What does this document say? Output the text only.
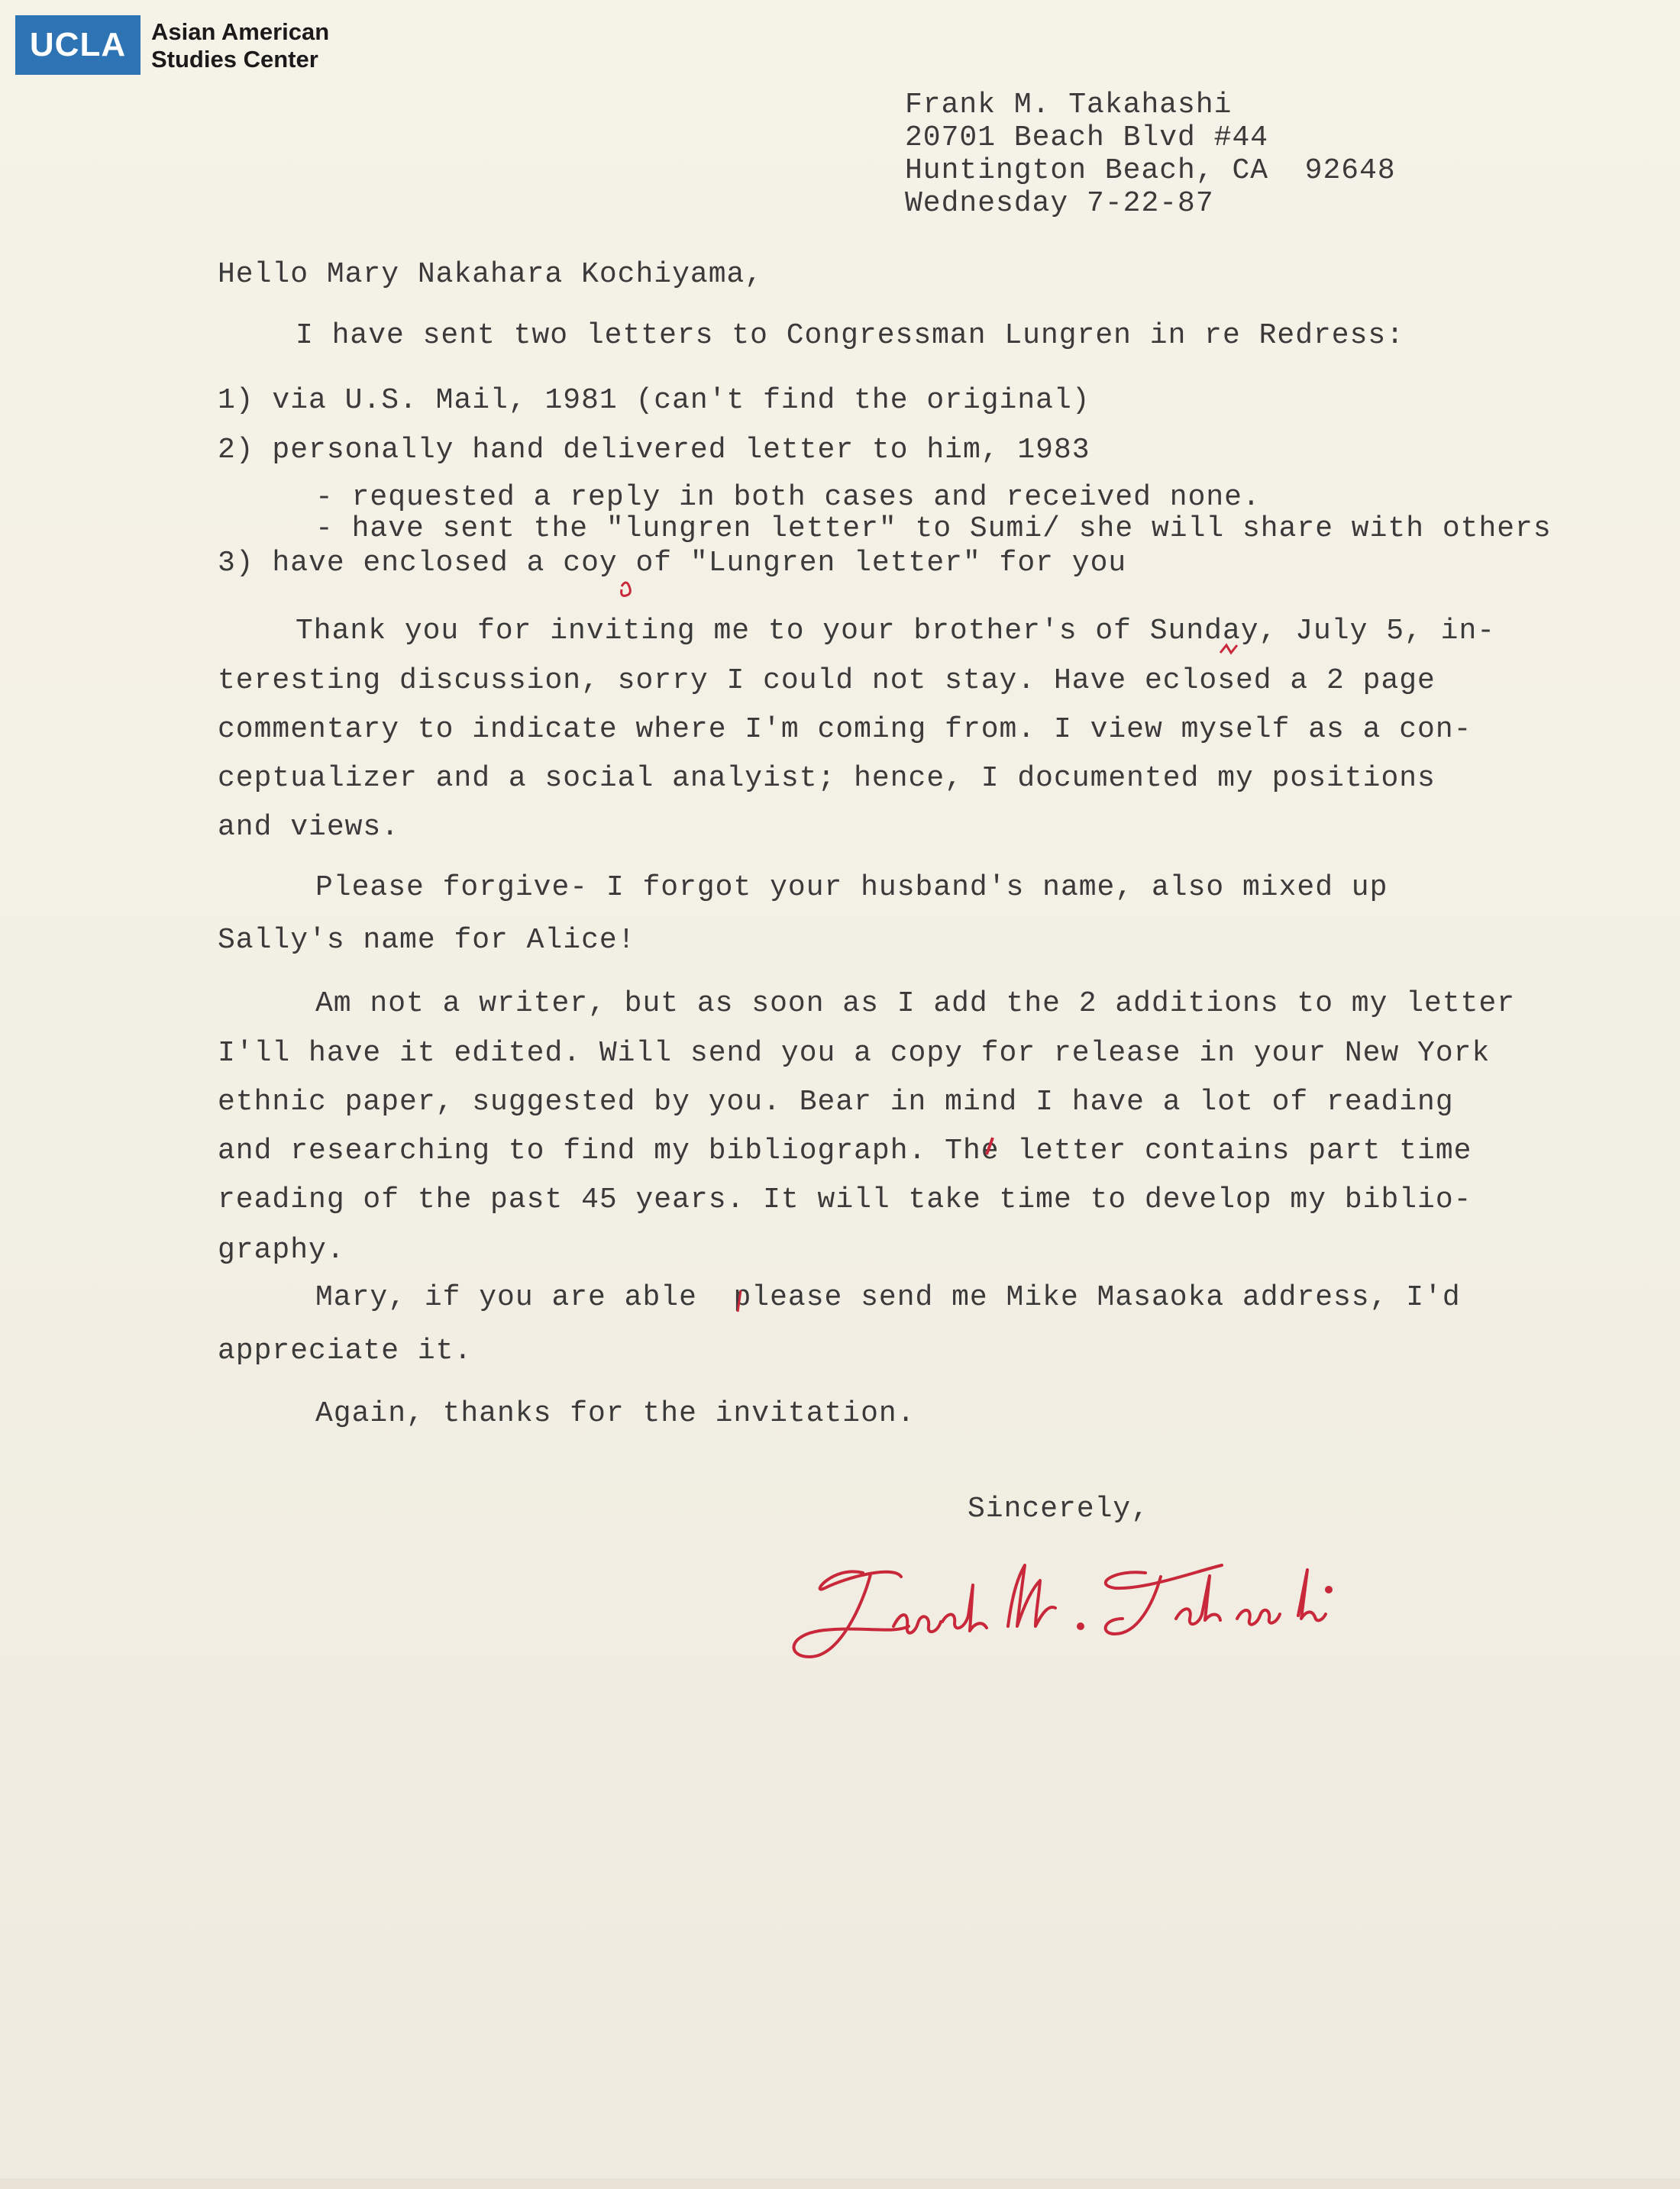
UCLA	Asian American
Studies Center
Frank M. Takahashi
20701 Beach Blvd #44
Huntington Beach, CA  92648
Wednesday 7-22-87
Hello Mary Nakahara Kochiyama,
I have sent two letters to Congressman Lungren in re Redress:
1) via U.S. Mail, 1981 (can't find the original)
2) personally hand delivered letter to him, 1983
- requested a reply in both cases and received none.
- have sent the "lungren letter" to Sumi/ she will share with others
3) have enclosed a coy of "Lungren letter" for you
Thank you for inviting me to your brother's of Sunday, July 5, in-
teresting discussion, sorry I could not stay. Have eclosed a 2 page
commentary to indicate where I'm coming from. I view myself as a con-
ceptualizer and a social analyist; hence, I documented my positions
and views.
Please forgive- I forgot your husband's name, also mixed up
Sally's name for Alice!
Am not a writer, but as soon as I add the 2 additions to my letter
I'll have it edited. Will send you a copy for release in your New York
ethnic paper, suggested by you. Bear in mind I have a lot of reading
and researching to find my bibliograph. The letter contains part time
reading of the past 45 years. It will take time to develop my biblio-
graphy.
Mary, if you are able  please send me Mike Masaoka address, I'd
appreciate it.
Again, thanks for the invitation.
Sincerely,
